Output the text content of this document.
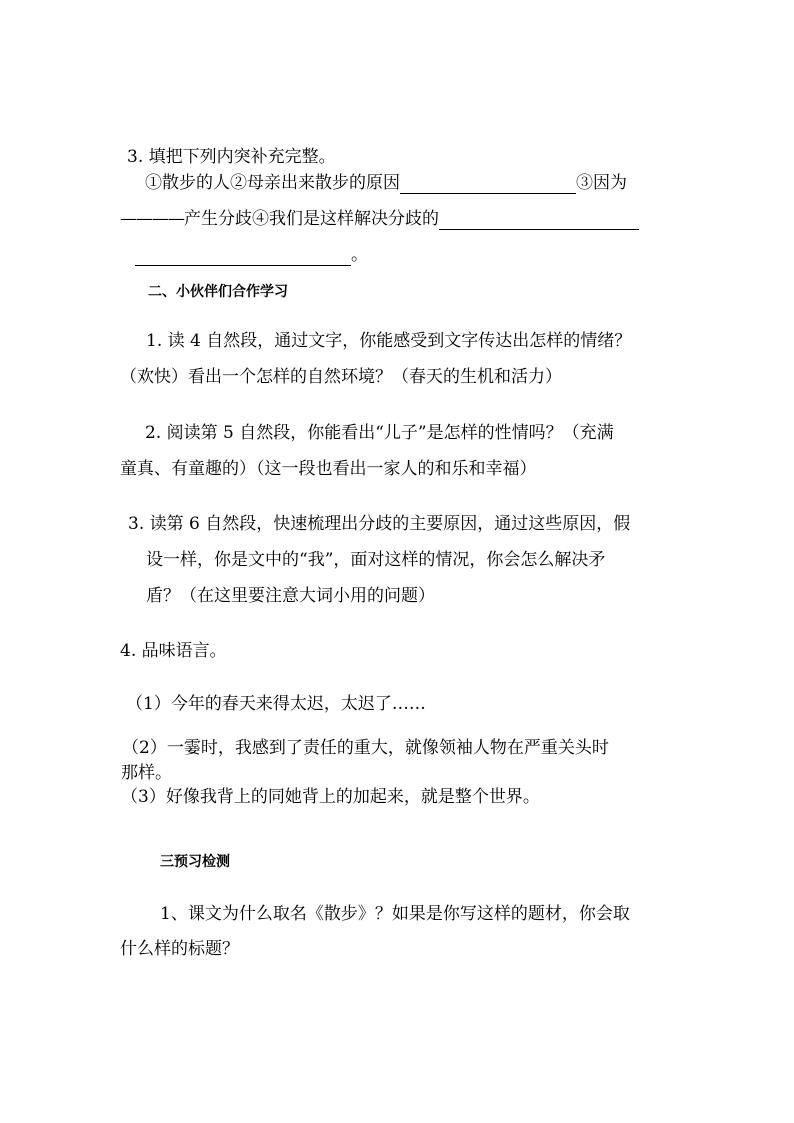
3. 填把下列内突补充完整。
①散步的人②母亲出来散步的原因	③因为
————产生分歧④我们是这样解决分歧的
。
二、小伙伴们合作学习
1. 读 4 自然段，通过文字，你能感受到文字传达出怎样的情绪？
（欢快）看出一个怎样的自然环境？（春天的生机和活力）
2. 阅读第 5 自然段，你能看出“儿子”是怎样的性情吗？（充满
童真、有童趣的）（这一段也看出一家人的和乐和幸福）
3. 读第 6 自然段，快速梳理出分歧的主要原因，通过这些原因，假
设一样，你是文中的“我”，面对这样的情况，你会怎么解决矛
盾？（在这里要注意大词小用的问题）
4. 品味语言。
（1）今年的春天来得太迟，太迟了……
（2）一霎时，我感到了责任的重大，就像领袖人物在严重关头时
那样。
（3）好像我背上的同她背上的加起来，就是整个世界。
三预习检测
1、课文为什么取名《散步》？如果是你写这样的题材，你会取
什么样的标题？
